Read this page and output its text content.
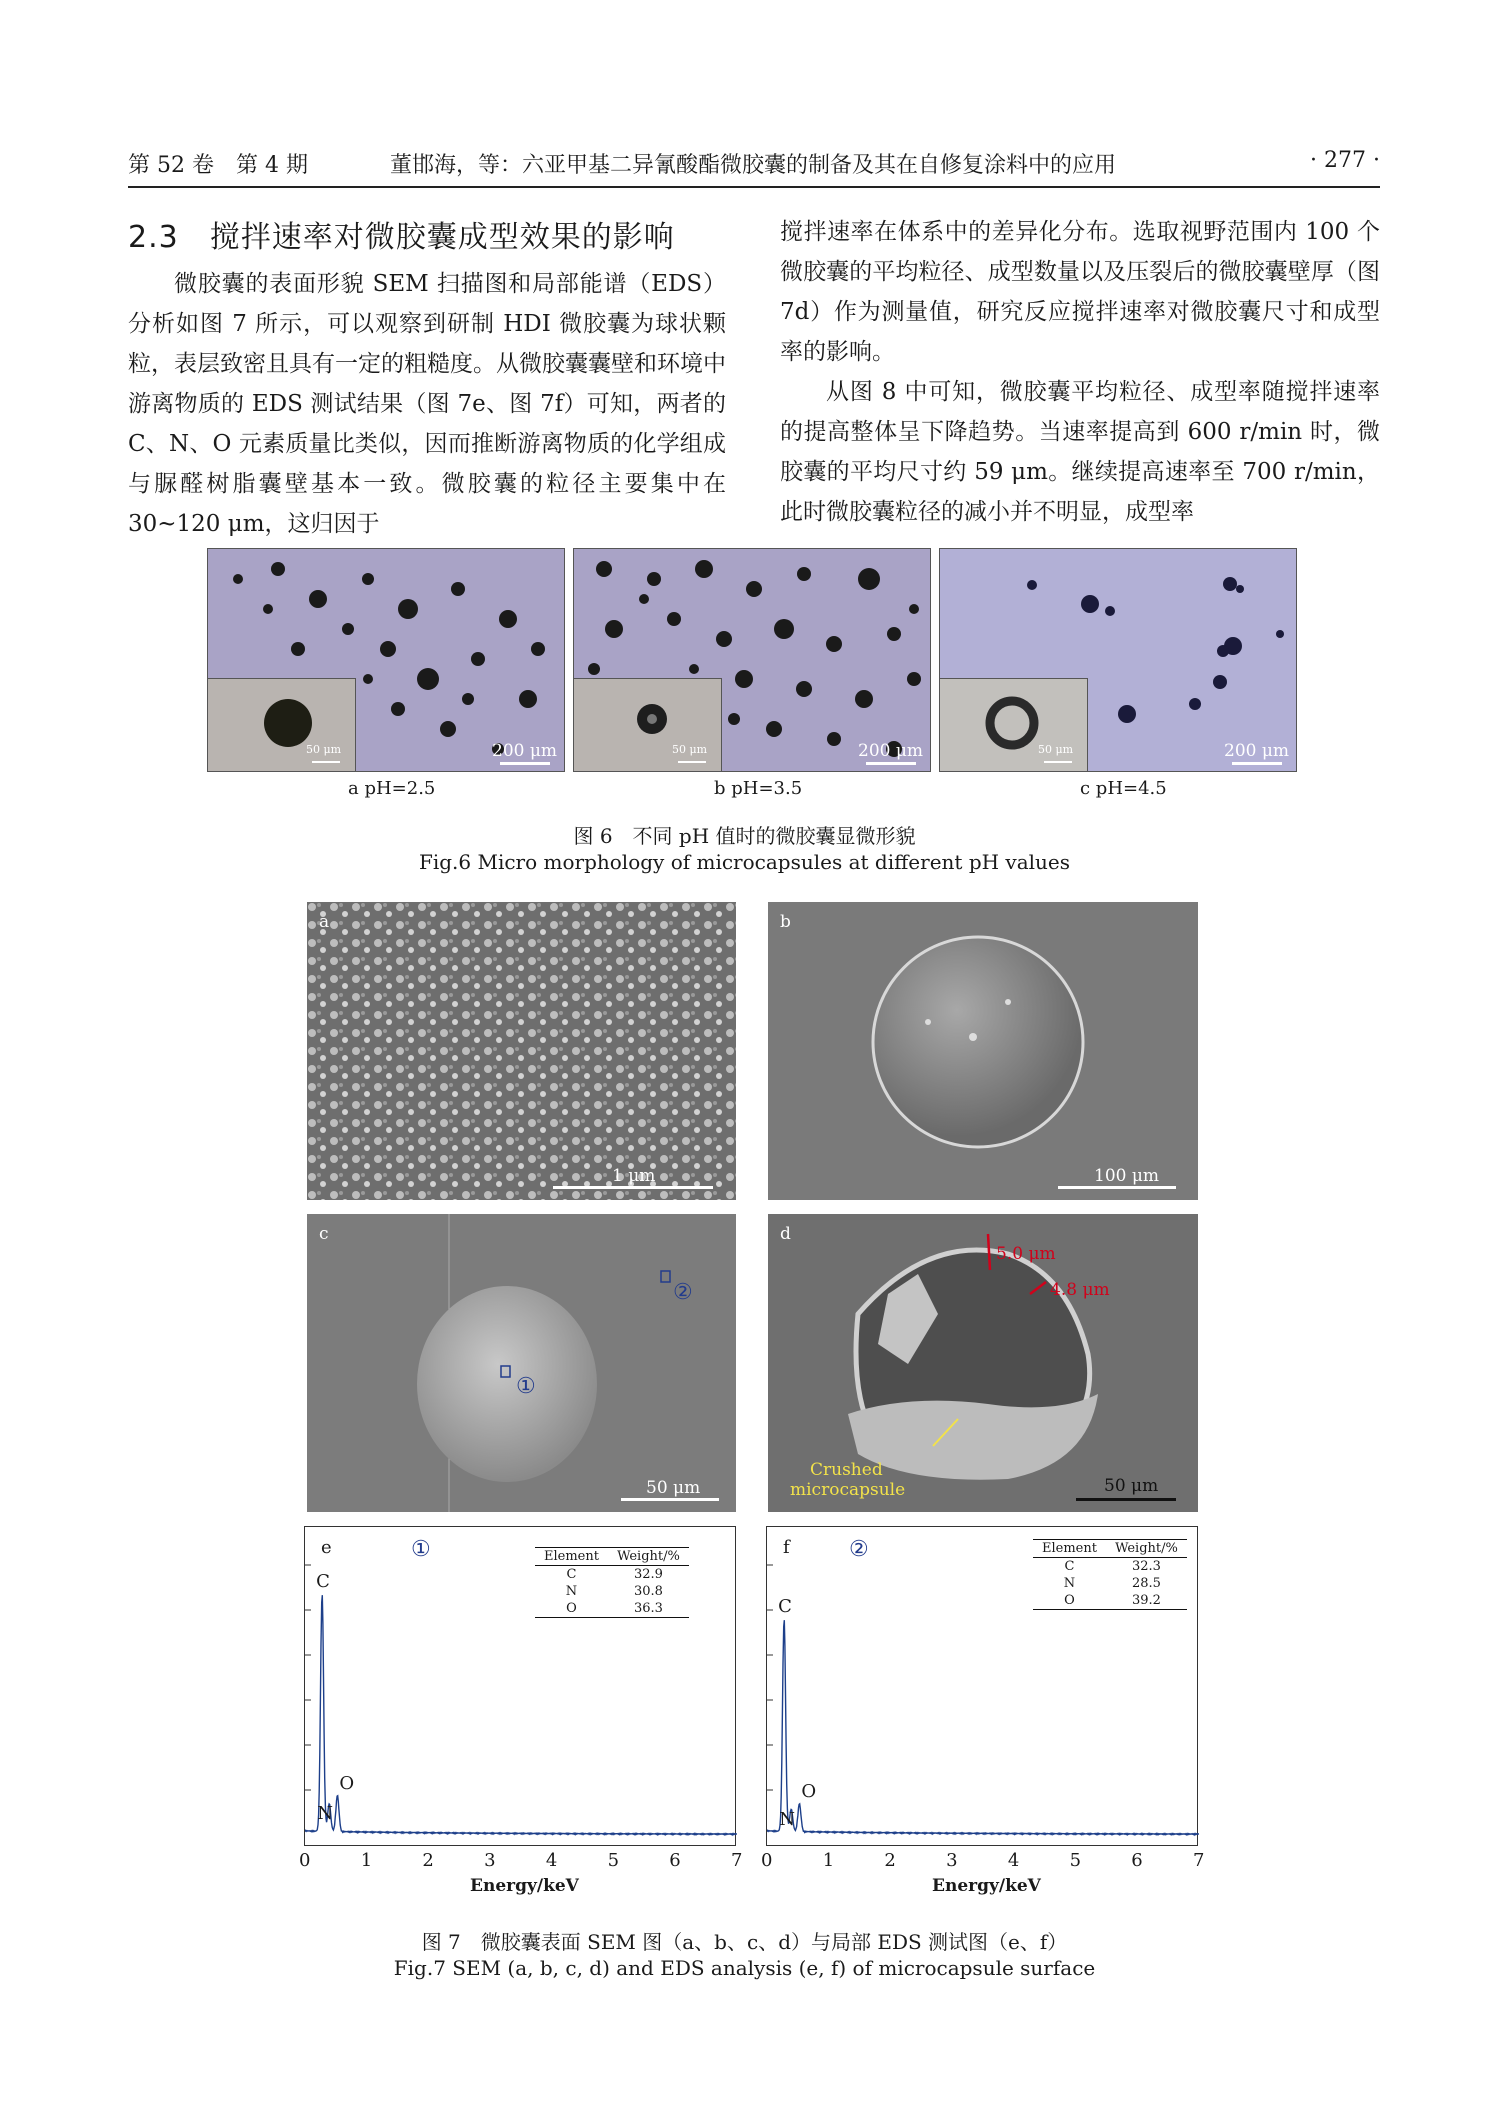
第 52 卷 第 4 期	董邯海，等：六亚甲基二异氰酸酯微胶囊的制备及其在自修复涂料中的应用	· 277 ·
2.3　搅拌速率对微胶囊成型效果的影响

微胶囊的表面形貌 SEM 扫描图和局部能谱（EDS）分析如图 7 所示，可以观察到研制 HDI 微胶囊为球状颗粒，表层致密且具有一定的粗糙度。从微胶囊囊壁和环境中游离物质的 EDS 测试结果（图 7e、图 7f）可知，两者的 C、N、O 元素质量比类似，因而推断游离物质的化学组成与脲醛树脂囊壁基本一致。微胶囊的粒径主要集中在 30~120 μm，这归因于

搅拌速率在体系中的差异化分布。选取视野范围内 100 个微胶囊的平均粒径、成型数量以及压裂后的微胶囊壁厚（图 7d）作为测量值，研究反应搅拌速率对微胶囊尺寸和成型率的影响。

从图 8 中可知，微胶囊平均粒径、成型率随搅拌速率的提高整体呈下降趋势。当速率提高到 600 r/min 时，微胶囊的平均尺寸约 59 μm。继续提高速率至 700 r/min，此时微胶囊粒径的减小并不明显，成型率

50 μm	200 μm	50 μm	200 μm	50 μm	200 μm
a pH=2.5	b pH=3.5	c pH=4.5
图 6　不同 pH 值时的微胶囊显微形貌
Fig.6 Micro morphology of microcapsules at different pH values
a
1 μm
b
100 μm
c
①
②
50 μm
d
5.0 μm
4.8 μm
Crushed
microcapsule	50 μm
e	①	Element	Weight/%
C	32.9
N	30.8
O	36.3
C
N
O
f	②	Element	Weight/%
C	32.3
N	28.5
O	39.2
C
N
O
0	1	2	3	4	5	6	7
Energy/keV
0	1	2	3	4	5	6	7
Energy/keV
图 7　微胶囊表面 SEM 图（a、b、c、d）与局部 EDS 测试图（e、f）
Fig.7 SEM (a, b, c, d) and EDS analysis (e, f) of microcapsule surface
